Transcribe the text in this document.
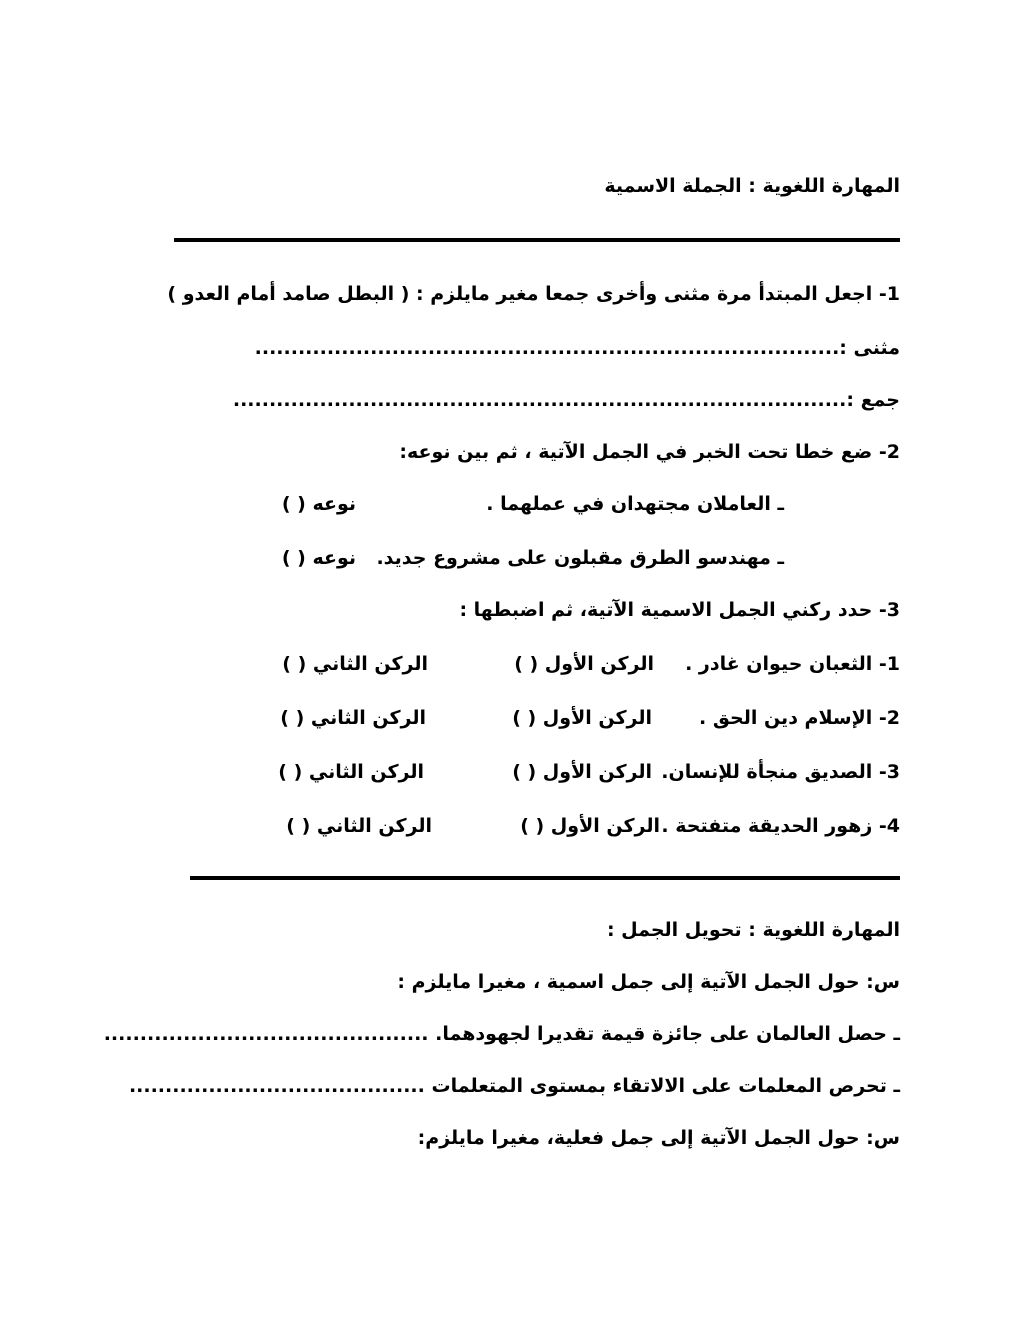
المهارة اللغوية : الجملة الاسمية
1- اجعل المبتدأ مرة مثنى وأخرى جمعا مغير مايلزم : ( البطل صامد أمام العدو )
مثنى :.................................................................................
جمع :.....................................................................................
2- ضع خطا تحت الخبر في الجمل الآتية ، ثم بين نوعه:
ـ العاملان مجتهدان في عملهما .
نوعه ( )
ـ مهندسو الطرق مقبلون على مشروع جديد.
نوعه ( )
3- حدد ركني الجمل الاسمية الآتية، ثم اضبطها :
1- الثعبان حيوان غادر .
الركن الأول ( )
الركن الثاني ( )
2- الإسلام دين الحق .
الركن الأول ( )
الركن الثاني ( )
3- الصديق منجأة للإنسان.
الركن الأول ( )
الركن الثاني ( )
4- زهور الحديقة متفتحة .
الركن الأول ( )
الركن الثاني ( )
المهارة اللغوية : تحويل الجمل :
س: حول الجمل الآتية إلى جمل اسمية ، مغيرا مايلزم :
ـ حصل العالمان على جائزة قيمة تقديرا لجهودهما. .............................................
ـ تحرص المعلمات على الالاتقاء بمستوى المتعلمات .........................................
س: حول الجمل الآتية إلى جمل فعلية، مغيرا مايلزم:
